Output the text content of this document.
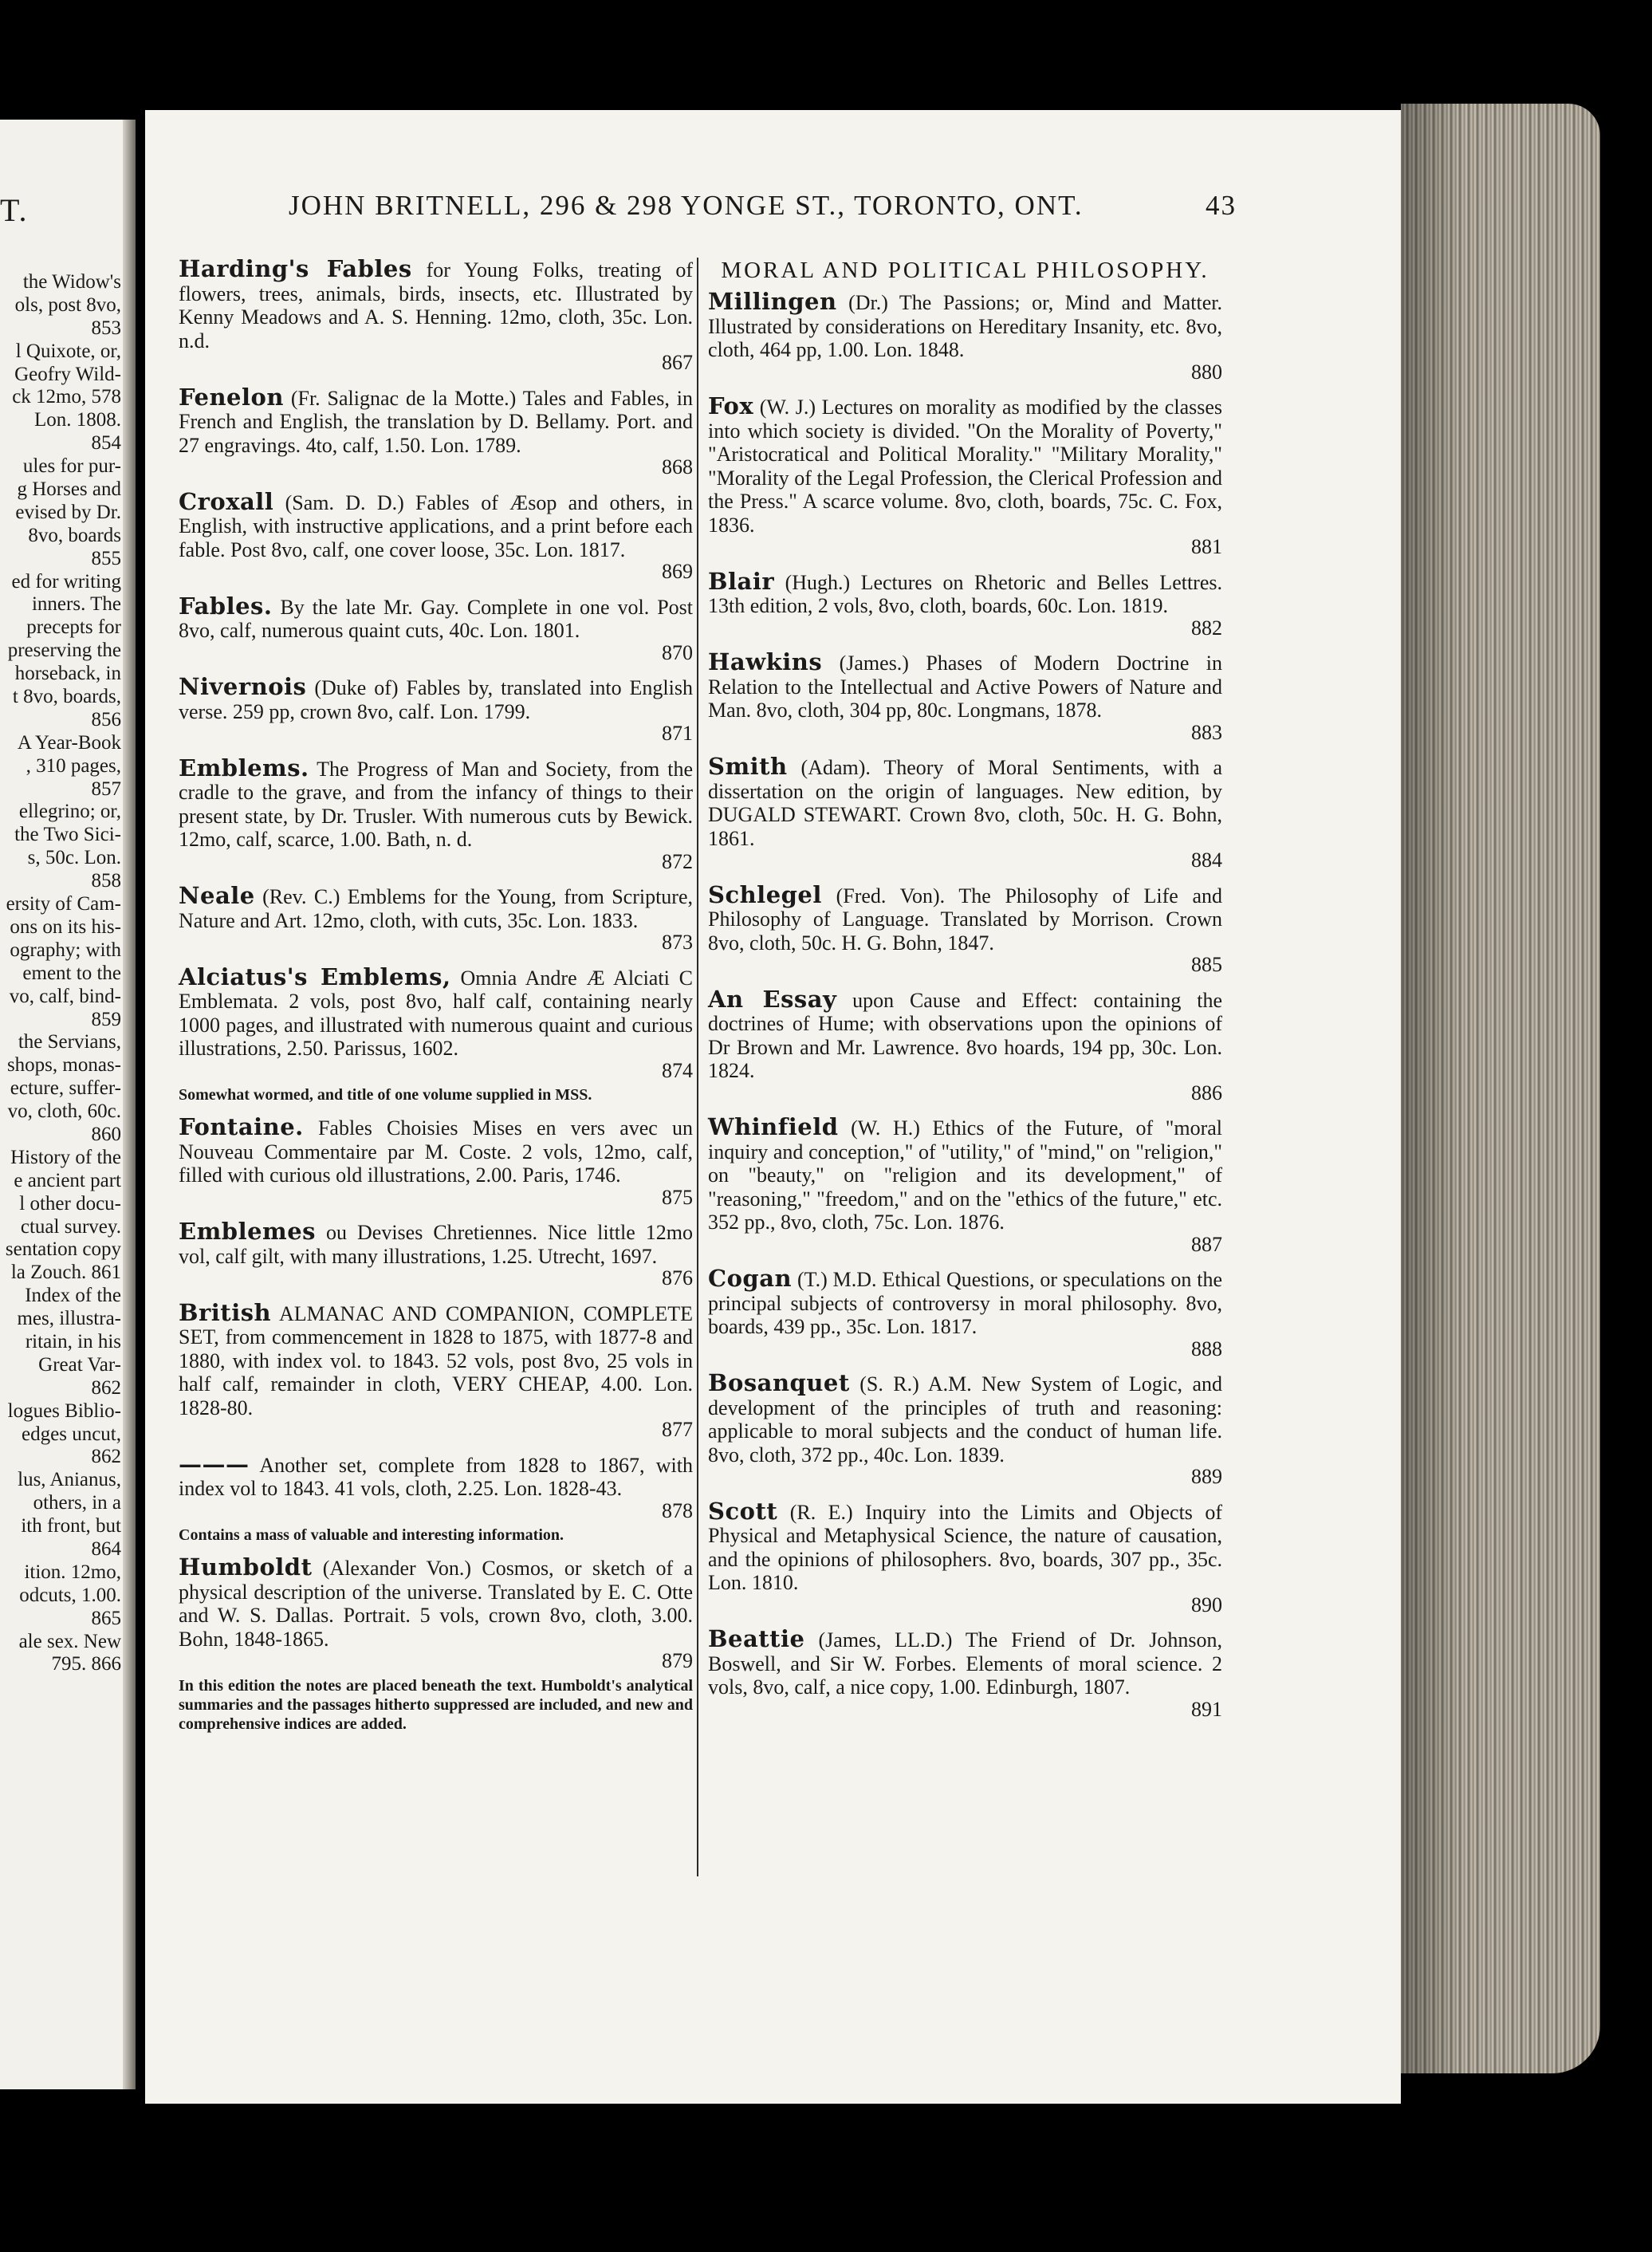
T.
the Widow's
ols, post 8vo,
853
l Quixote, or,
Geofry Wild-
ck 12mo, 578
Lon. 1808.
854
ules for pur-
g Horses and
evised by Dr.
8vo, boards
855
ed for writing
inners. The
precepts for
preserving the
horseback, in
t 8vo, boards,
856
A Year-Book
, 310 pages,
857
ellegrino; or,
the Two Sici-
s, 50c. Lon.
858
ersity of Cam-
ons on its his-
ography; with
ement to the
vo, calf, bind-
859
the Servians,
shops, monas-
ecture, suffer-
vo, cloth, 60c.
860
History of the
e ancient part
l other docu-
ctual survey.
sentation copy
la Zouch. 861
Index of the
mes, illustra-
ritain, in his
Great Var-
862
logues Biblio-
edges uncut,
862
lus, Anianus,
others, in a
ith front, but
864
ition. 12mo,
odcuts, 1.00.
865
ale sex. New
795. 866
JOHN BRITNELL, 296 & 298 YONGE ST., TORONTO, ONT.	43
Harding's Fables for Young Folks, treating of flowers, trees, animals, birds, insects, etc. Illustrated by Kenny Meadows and A. S. Henning. 12mo, cloth, 35c. Lon. n.d.
867
Fenelon (Fr. Salignac de la Motte.) Tales and Fables, in French and English, the translation by D. Bellamy. Port. and 27 engravings. 4to, calf, 1.50. Lon. 1789.
868
Croxall (Sam. D. D.) Fables of Æsop and others, in English, with instructive applications, and a print before each fable. Post 8vo, calf, one cover loose, 35c. Lon. 1817.
869
Fables. By the late Mr. Gay. Complete in one vol. Post 8vo, calf, numerous quaint cuts, 40c. Lon. 1801.
870
Nivernois (Duke of) Fables by, translated into English verse. 259 pp, crown 8vo, calf. Lon. 1799.
871
Emblems. The Progress of Man and Society, from the cradle to the grave, and from the infancy of things to their present state, by Dr. Trusler. With numerous cuts by Bewick. 12mo, calf, scarce, 1.00. Bath, n. d.
872
Neale (Rev. C.) Emblems for the Young, from Scripture, Nature and Art. 12mo, cloth, with cuts, 35c. Lon. 1833.
873
Alciatus's Emblems, Omnia Andre Æ Alciati C Emblemata. 2 vols, post 8vo, half calf, containing nearly 1000 pages, and illustrated with numerous quaint and curious illustrations, 2.50. Parissus, 1602.
874
Somewhat wormed, and title of one volume supplied in MSS.
Fontaine. Fables Choisies Mises en vers avec un Nouveau Commentaire par M. Coste. 2 vols, 12mo, calf, filled with curious old illustrations, 2.00. Paris, 1746.
875
Emblemes ou Devises Chretiennes. Nice little 12mo vol, calf gilt, with many illustrations, 1.25. Utrecht, 1697.
876
British ALMANAC AND COMPANION, COMPLETE SET, from commencement in 1828 to 1875, with 1877-8 and 1880, with index vol. to 1843. 52 vols, post 8vo, 25 vols in half calf, remainder in cloth, VERY CHEAP, 4.00. Lon. 1828-80.
877
——— Another set, complete from 1828 to 1867, with index vol to 1843. 41 vols, cloth, 2.25. Lon. 1828-43.
878
Contains a mass of valuable and interesting information.
Humboldt (Alexander Von.) Cosmos, or sketch of a physical description of the universe. Translated by E. C. Otte and W. S. Dallas. Portrait. 5 vols, crown 8vo, cloth, 3.00. Bohn, 1848-1865.
879
In this edition the notes are placed beneath the text. Humboldt's analytical summaries and the passages hitherto suppressed are included, and new and comprehensive indices are added.
MORAL AND POLITICAL PHILOSOPHY.
Millingen (Dr.) The Passions; or, Mind and Matter. Illustrated by considerations on Hereditary Insanity, etc. 8vo, cloth, 464 pp, 1.00. Lon. 1848.
880
Fox (W. J.) Lectures on morality as modified by the classes into which society is divided. "On the Morality of Poverty," "Aristocratical and Political Morality." "Military Morality," "Morality of the Legal Profession, the Clerical Profession and the Press." A scarce volume. 8vo, cloth, boards, 75c. C. Fox, 1836.
881
Blair (Hugh.) Lectures on Rhetoric and Belles Lettres. 13th edition, 2 vols, 8vo, cloth, boards, 60c. Lon. 1819.
882
Hawkins (James.) Phases of Modern Doctrine in Relation to the Intellectual and Active Powers of Nature and Man. 8vo, cloth, 304 pp, 80c. Longmans, 1878.
883
Smith (Adam). Theory of Moral Sentiments, with a dissertation on the origin of languages. New edition, by DUGALD STEWART. Crown 8vo, cloth, 50c. H. G. Bohn, 1861.
884
Schlegel (Fred. Von). The Philosophy of Life and Philosophy of Language. Translated by Morrison. Crown 8vo, cloth, 50c. H. G. Bohn, 1847.
885
An Essay upon Cause and Effect: containing the doctrines of Hume; with observations upon the opinions of Dr Brown and Mr. Lawrence. 8vo hoards, 194 pp, 30c. Lon. 1824.
886
Whinfield (W. H.) Ethics of the Future, of "moral inquiry and conception," of "utility," of "mind," on "religion," on "beauty," on "religion and its development," of "reasoning," "freedom," and on the "ethics of the future," etc. 352 pp., 8vo, cloth, 75c. Lon. 1876.
887
Cogan (T.) M.D. Ethical Questions, or speculations on the principal subjects of controversy in moral philosophy. 8vo, boards, 439 pp., 35c. Lon. 1817.
888
Bosanquet (S. R.) A.M. New System of Logic, and development of the principles of truth and reasoning: applicable to moral subjects and the conduct of human life. 8vo, cloth, 372 pp., 40c. Lon. 1839.
889
Scott (R. E.) Inquiry into the Limits and Objects of Physical and Metaphysical Science, the nature of causation, and the opinions of philosophers. 8vo, boards, 307 pp., 35c. Lon. 1810.
890
Beattie (James, LL.D.) The Friend of Dr. Johnson, Boswell, and Sir W. Forbes. Elements of moral science. 2 vols, 8vo, calf, a nice copy, 1.00. Edinburgh, 1807.
891
